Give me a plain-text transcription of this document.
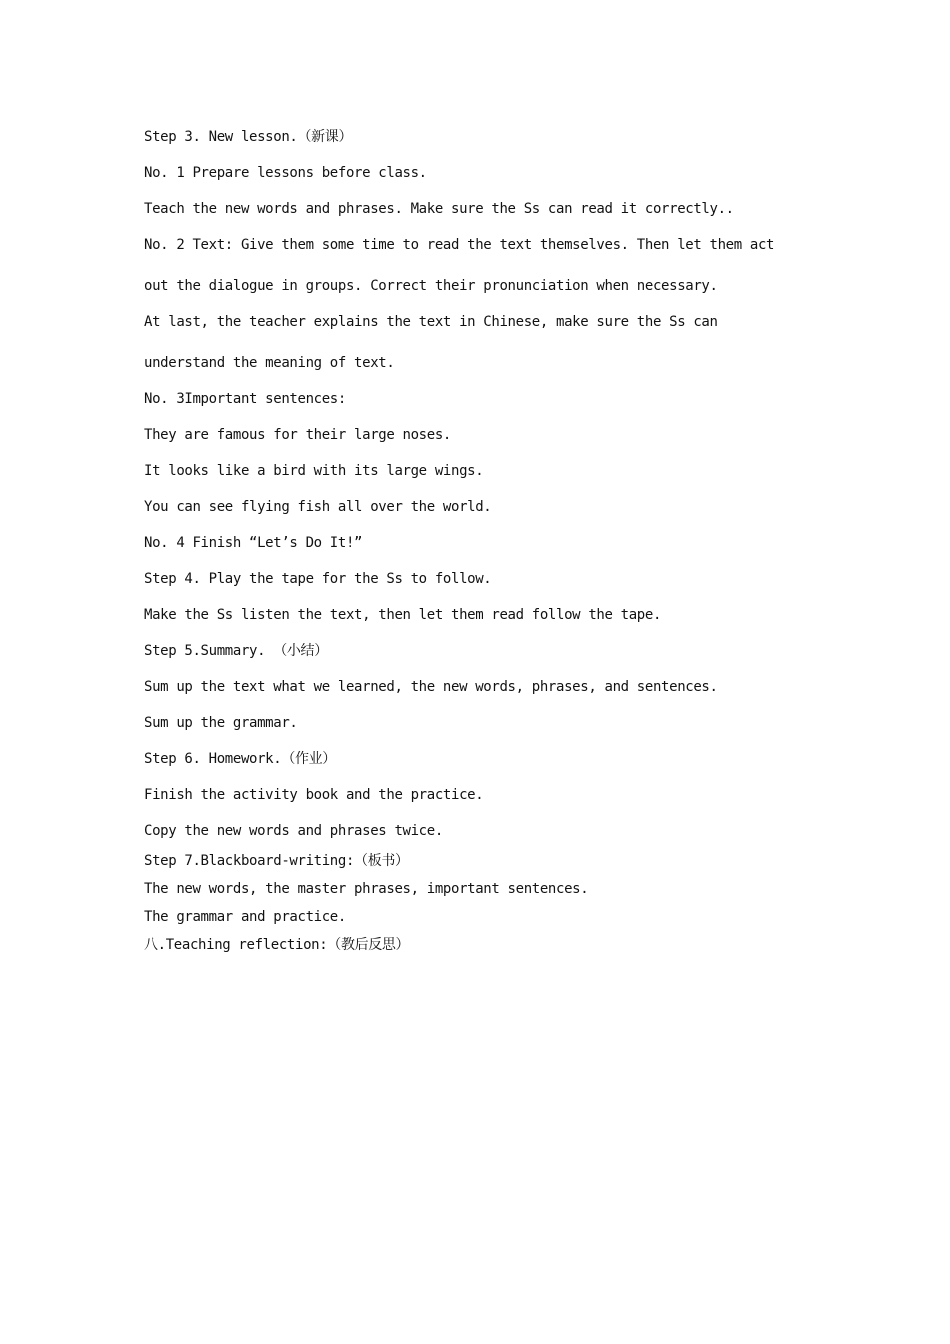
Step 3. New lesson.（新课）

No. 1 Prepare lessons before class.

Teach the new words and phrases. Make sure the Ss can read it correctly..

No. 2 Text: Give them some time to read the text themselves. Then let them act

out the dialogue in groups. Correct their pronunciation when necessary.

At last, the teacher explains the text in Chinese, make sure the Ss can

understand the meaning of text.

No. 3Important sentences:

They are famous for their large noses.

It looks like a bird with its large wings.

You can see flying fish all over the world.

No. 4 Finish “Let’s Do It!”

Step 4. Play the tape for the Ss to follow.

Make the Ss listen the text, then let them read follow the tape.

Step 5.Summary. （小结）

Sum up the text what we learned, the new words, phrases, and sentences.

Sum up the grammar.

Step 6. Homework.（作业）

Finish the activity book and the practice.

Copy the new words and phrases twice.

Step 7.Blackboard-writing:（板书）

The new words, the master phrases, important sentences.

The grammar and practice.

八.Teaching reflection:（教后反思）
